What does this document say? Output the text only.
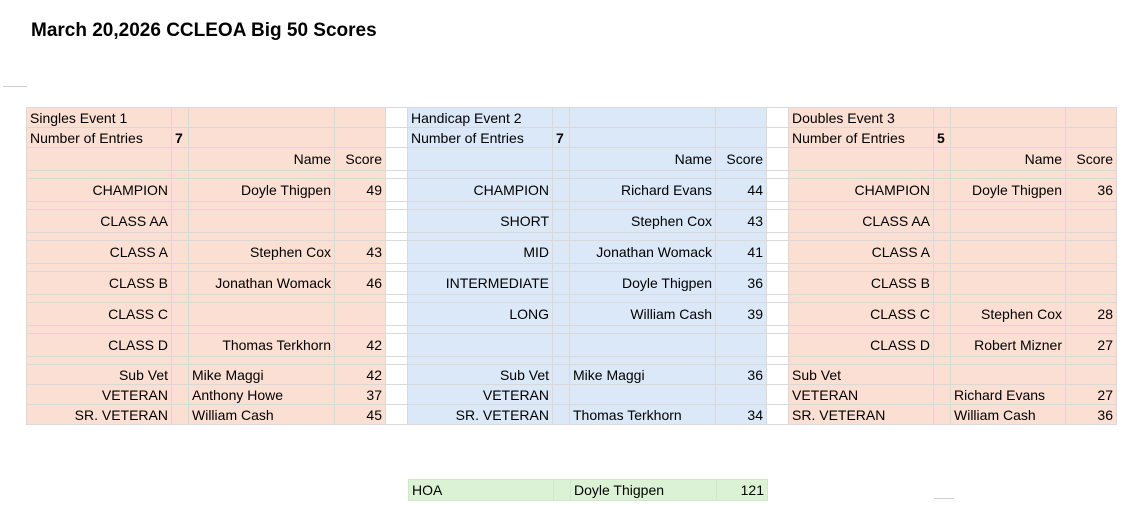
March 20,2026 CCLEOA Big 50 Scores
Singles Event 1					Handicap Event 2					Doubles Event 3			
Number of Entries	7				Number of Entries	7				Number of Entries	5		
		Name	Score				Name	Score				Name	Score

CHAMPION		Doyle Thigpen	49		CHAMPION		Richard Evans	44		CHAMPION		Doyle Thigpen	36

CLASS AA					SHORT		Stephen Cox	43		CLASS AA			

CLASS A		Stephen Cox	43		MID		Jonathan Womack	41		CLASS A			

CLASS B		Jonathan Womack	46		INTERMEDIATE		Doyle Thigpen	36		CLASS B			

CLASS C					LONG		William Cash	39		CLASS C		Stephen Cox	28

CLASS D		Thomas Terkhorn	42							CLASS D		Robert Mizner	27

Sub Vet		Mike Maggi	42		Sub Vet		Mike Maggi	36		Sub Vet			
VETERAN		Anthony Howe	37		VETERAN					VETERAN		Richard Evans	27
SR. VETERAN		William Cash	45		SR. VETERAN		Thomas Terkhorn	34		SR. VETERAN		William Cash	36
HOA		Doyle Thigpen	121
